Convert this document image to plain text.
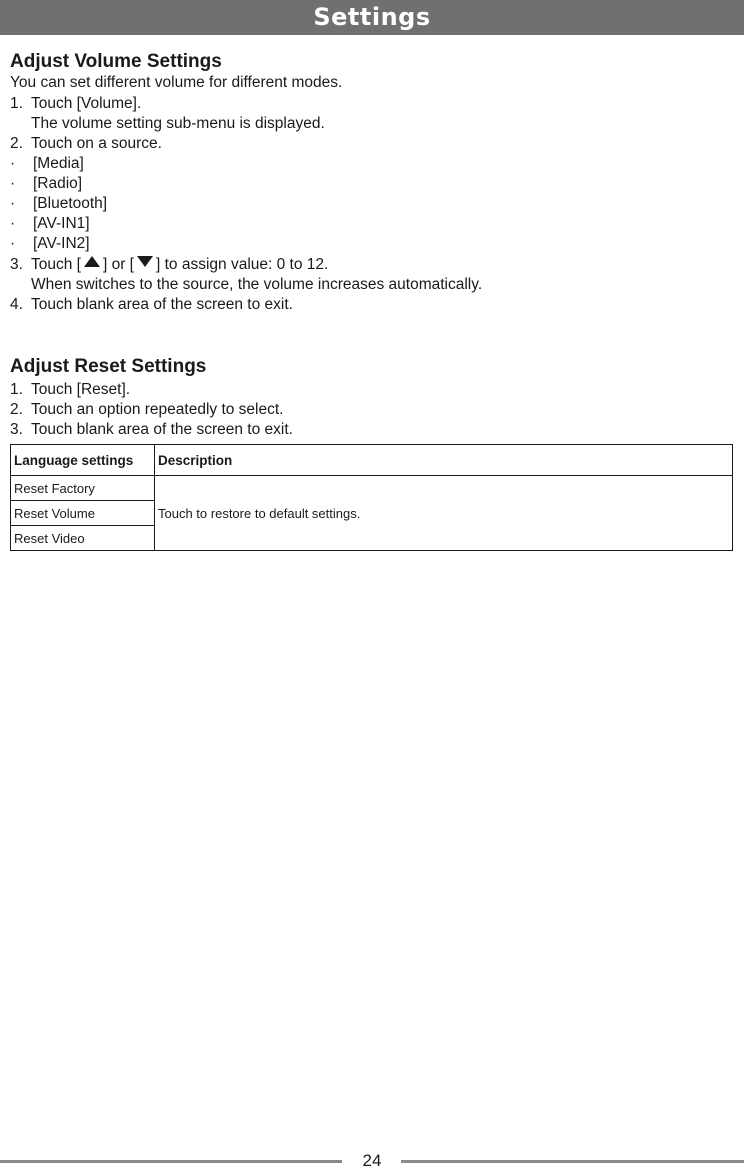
Settings
Adjust Volume Settings
You can set different volume for different modes.
1. Touch [Volume].
The volume setting sub-menu is displayed.
2. Touch on a source.
· [Media]
· [Radio]
· [Bluetooth]
· [AV-IN1]
· [AV-IN2]
3. Touch [ ] or [ ] to assign value: 0 to 12.
When switches to the source, the volume increases automatically.
4. Touch blank area of the screen to exit.
Adjust Reset Settings
1. Touch [Reset].
2. Touch an option repeatedly to select.
3. Touch blank area of the screen to exit.
Language settings	Description
Reset Factory	Touch to restore to default settings.
Reset Volume	
Reset Video	
24
